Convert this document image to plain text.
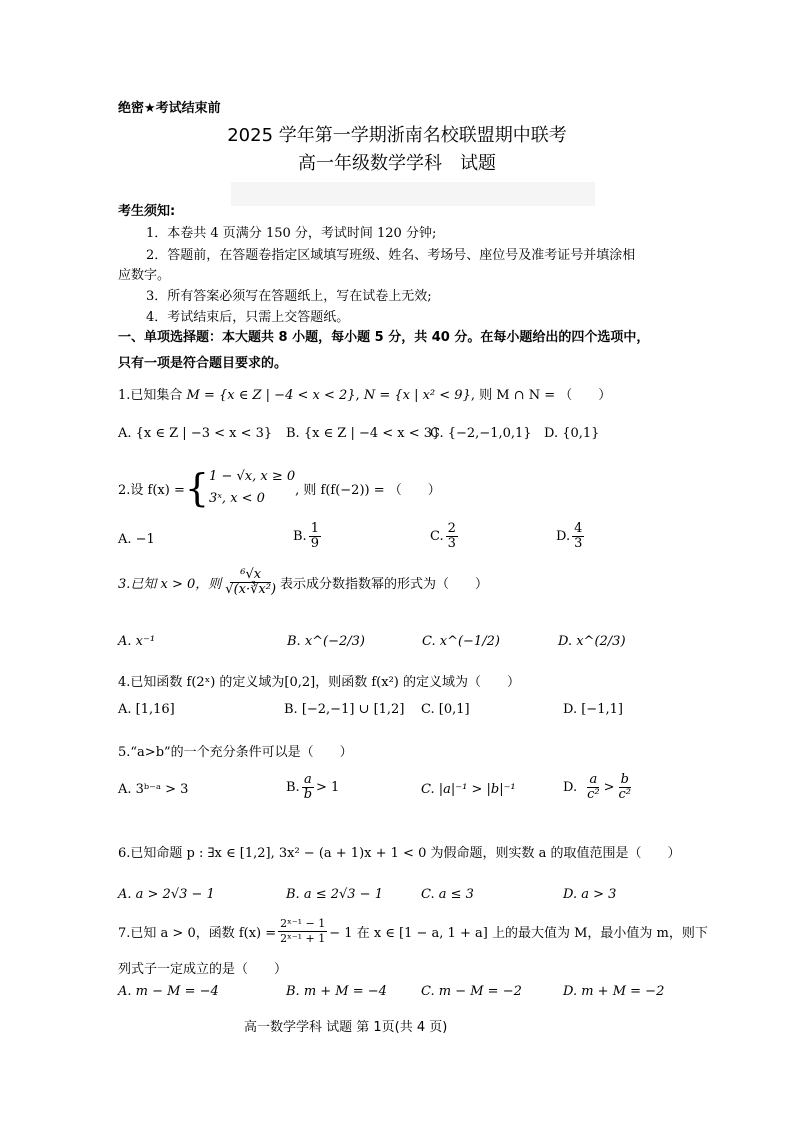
绝密★考试结束前
2025 学年第一学期浙南名校联盟期中联考
高一年级数学学科　试题
考生须知:
1．本卷共 4 页满分 150 分，考试时间 120 分钟;
2．答题前，在答题卷指定区域填写班级、姓名、考场号、座位号及准考证号并填涂相
应数字。
3．所有答案必须写在答题纸上，写在试卷上无效;
4．考试结束后，只需上交答题纸。
一、单项选择题：本大题共 8 小题，每小题 5 分，共 40 分。在每小题给出的四个选项中，
只有一项是符合题目要求的。
1.已知集合 M = {x ∈ Z | −4 < x < 2}, N = {x | x² < 9}, 则 M ∩ N = （　　）
A. {x ∈ Z | −3 < x < 3} B. {x ∈ Z | −4 < x < 3}
C. {−2,−1,0,1} D. {0,1}
2.设 f(x) = { 1 − √x, x ≥ 0
3ˣ, x < 0
, 则 f(f(−2)) = （　　）
A. −1	B. $\frac{1}{9}$	C. $\frac{2}{3}$	D. $\frac{4}{3}$
3.已知 x > 0，则 $\frac{\text{⁶√x}}{\text{√(x·∛x²)}}$ 表示成分数指数幂的形式为（　　）
A. x⁻¹	B. x^(−2/3)	C. x^(−1/2)	D. x^(2/3)
4.已知函数 f(2ˣ) 的定义域为[0,2]，则函数 f(x²) 的定义域为（　　）
A. [1,16]	B. [−2,−1] ∪ [1,2] C. [0,1]	D. [−1,1]
5.“a>b”的一个充分条件可以是（　　）
A. 3ᵇ⁻ᵃ > 3	B. $\frac{a}{b} > 1$	C. |a|⁻¹ > |b|⁻¹	D. $\frac{a}{\text{c²}} > \frac{b}{\text{c²}}$
6.已知命题 p : ∃x ∈ [1,2], 3x² − (a + 1)x + 1 < 0 为假命题，则实数 a 的取值范围是（　　）
A. a > 2√3 − 1	B. a ≤ 2√3 − 1	C. a ≤ 3	D. a > 3
7.已知 a > 0，函数 $f(x) = \frac{\text{2ˣ⁻¹ − 1}}{\text{2ˣ⁻¹ + 1}} - 1$ 在 x ∈ [1 − a, 1 + a] 上的最大值为 M，最小值为 m，则下
列式子一定成立的是（　　）
A. m − M = −4	B. m + M = −4	C. m − M = −2	D. m + M = −2
高一数学学科 试题 第 1页(共 4 页)
